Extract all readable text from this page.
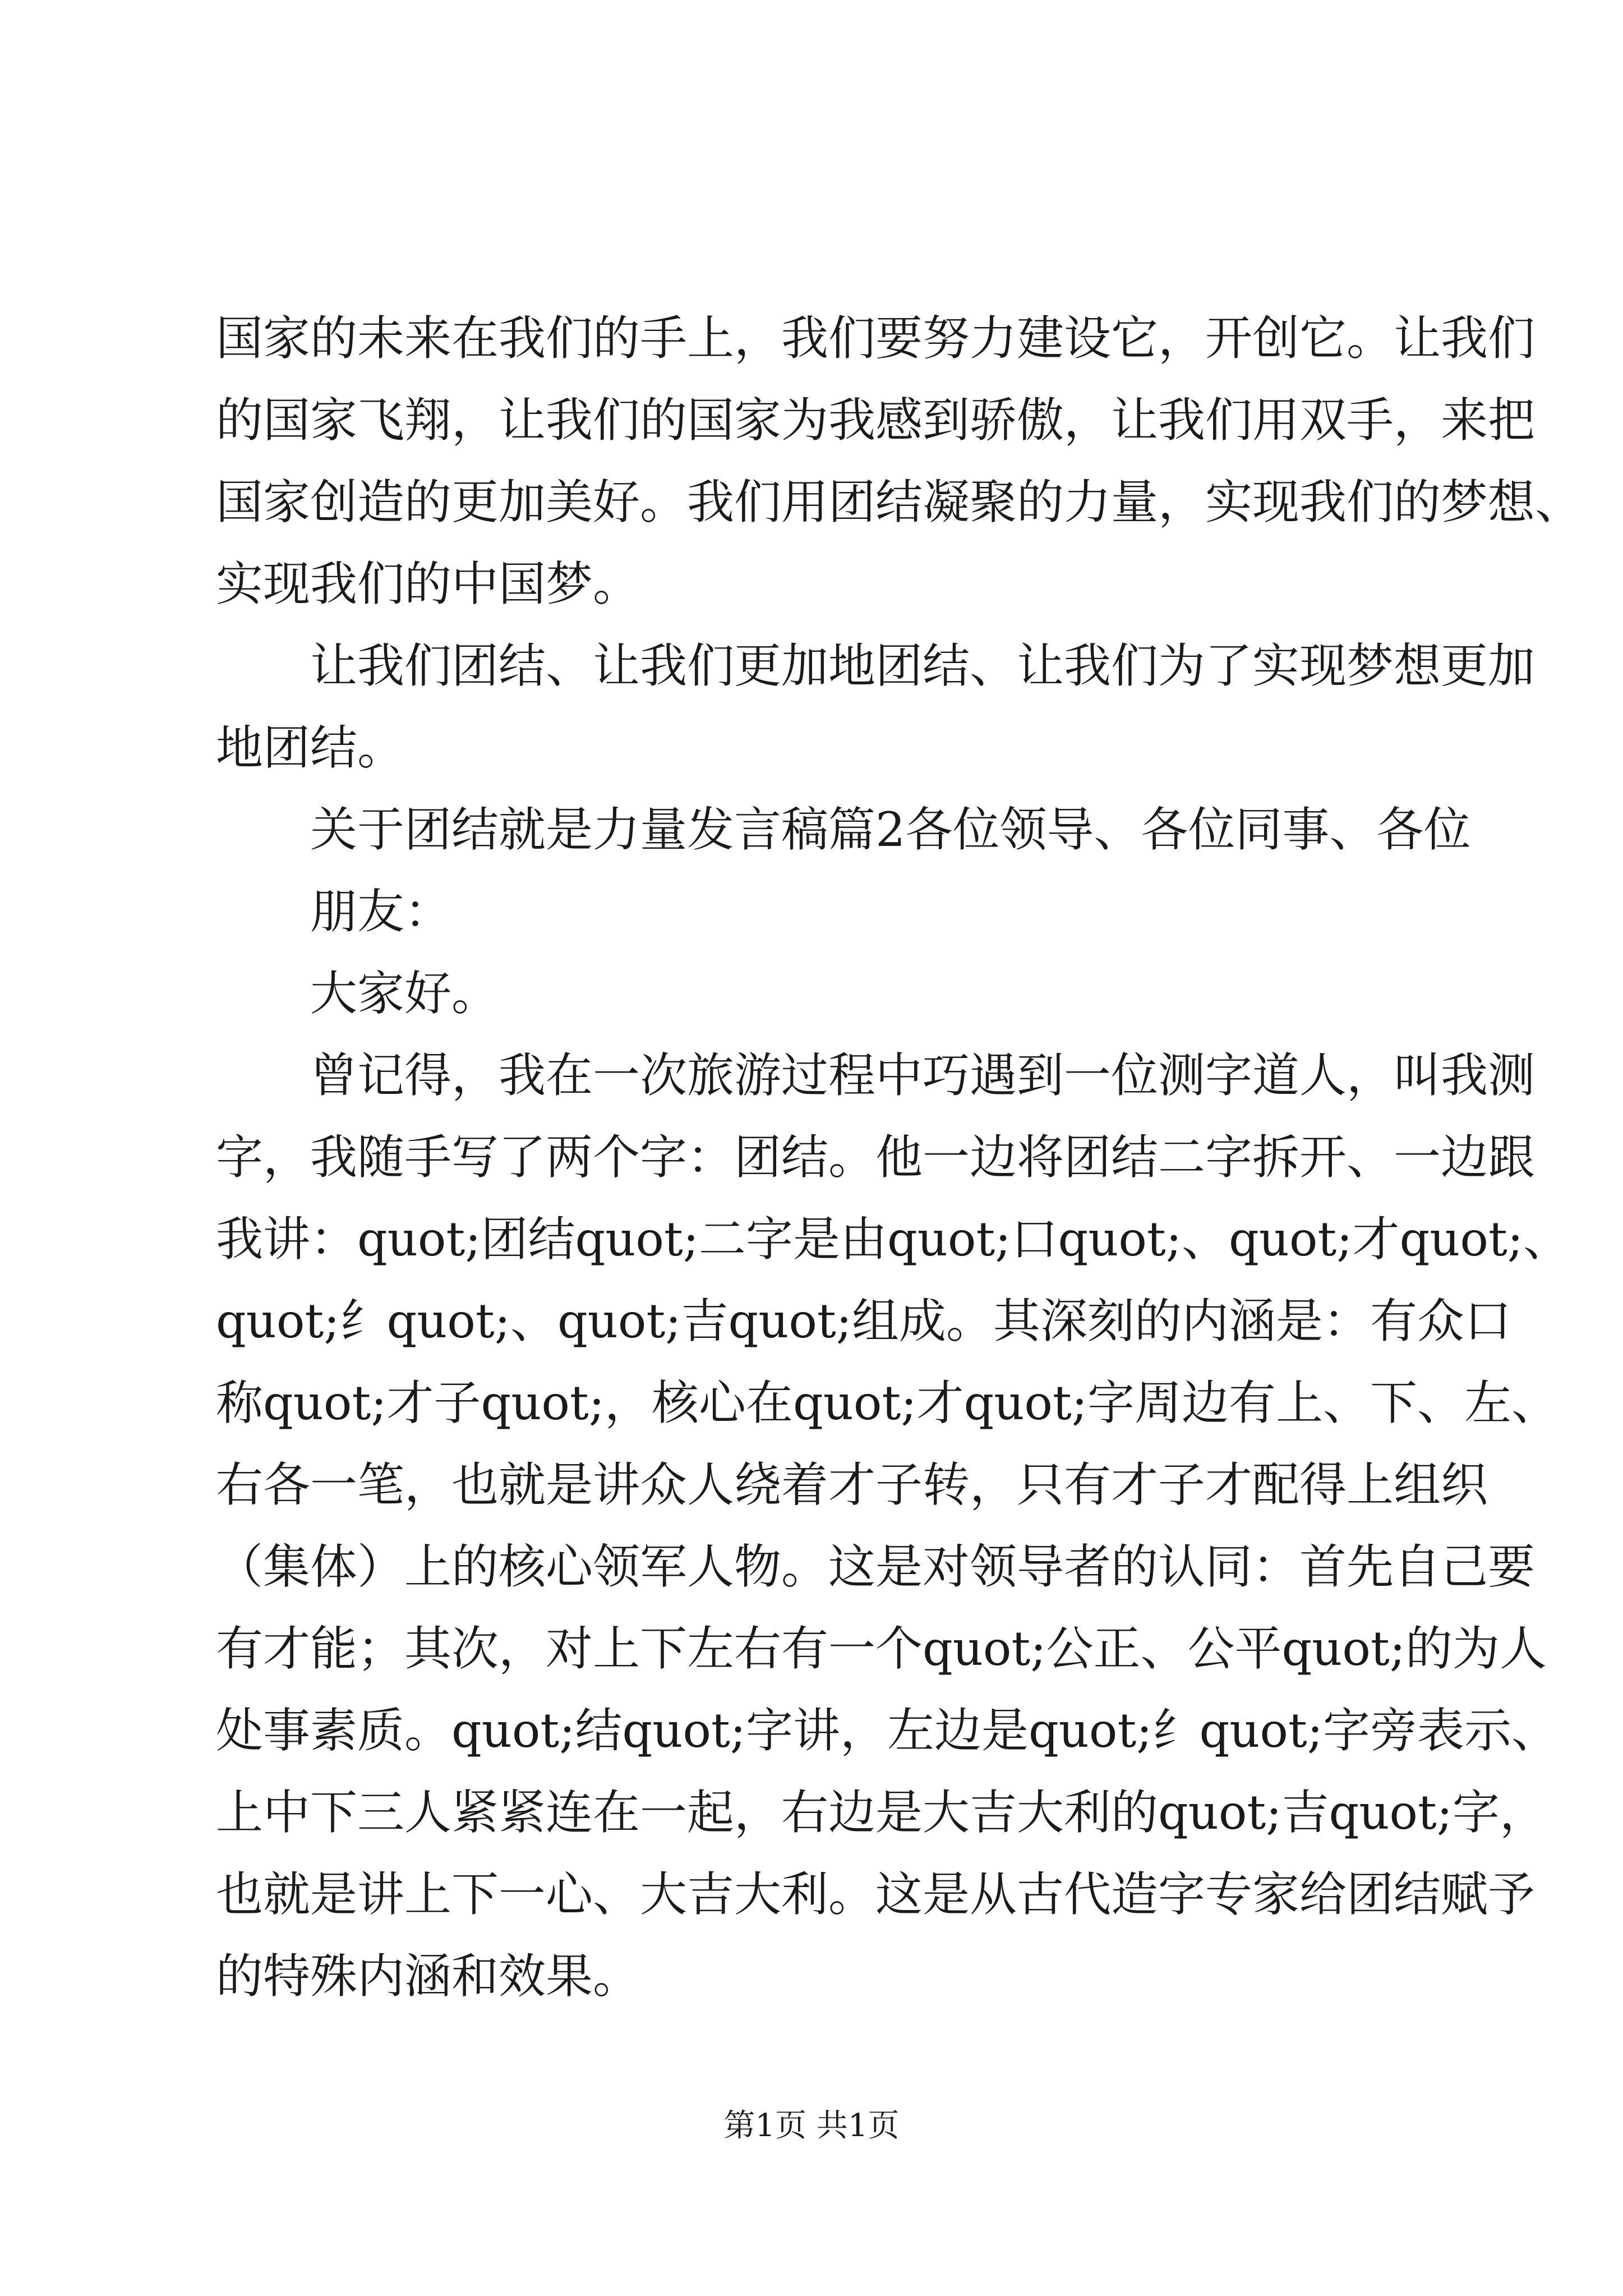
国家的未来在我们的手上，我们要努力建设它，开创它。让我们
的国家飞翔，让我们的国家为我感到骄傲，让我们用双手，来把
国家创造的更加美好。我们用团结凝聚的力量，实现我们的梦想、
实现我们的中国梦。
让我们团结、让我们更加地团结、让我们为了实现梦想更加
地团结。
关于团结就是力量发言稿篇2各位领导、各位同事、各位
朋友：
大家好。
曾记得，我在一次旅游过程中巧遇到一位测字道人，叫我测
字，我随手写了两个字：团结。他一边将团结二字拆开、一边跟
我讲：quot;团结quot;二字是由quot;口quot;、quot;才quot;、
quot;纟quot;、quot;吉quot;组成。其深刻的内涵是：有众口
称quot;才子quot;，核心在quot;才quot;字周边有上、下、左、
右各一笔，也就是讲众人绕着才子转，只有才子才配得上组织
（集体）上的核心领军人物。这是对领导者的认同：首先自己要
有才能；其次，对上下左右有一个quot;公正、公平quot;的为人
处事素质。quot;结quot;字讲，左边是quot;纟quot;字旁表示、
上中下三人紧紧连在一起，右边是大吉大利的quot;吉quot;字，
也就是讲上下一心、大吉大利。这是从古代造字专家给团结赋予
的特殊内涵和效果。
第1页 共1页
